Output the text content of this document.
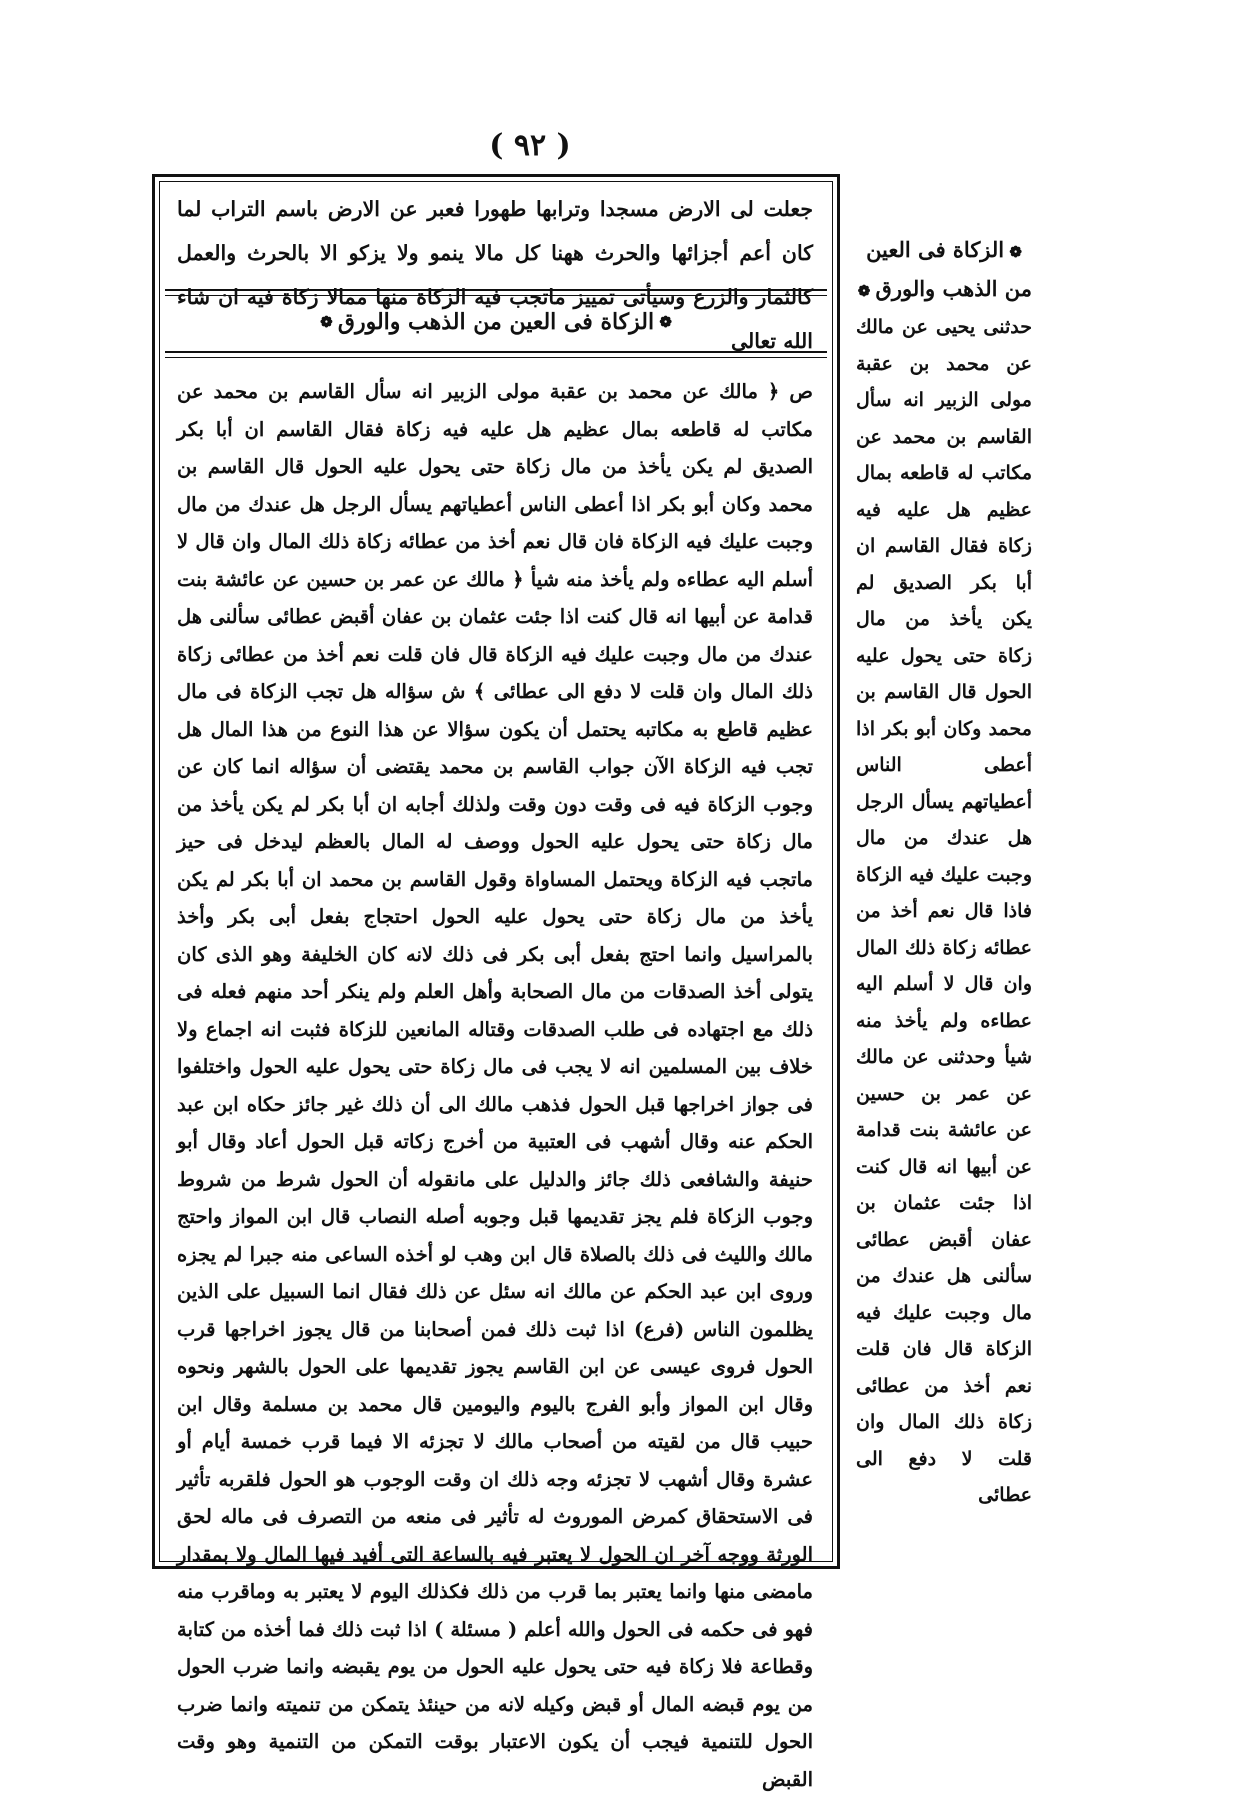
( ٩٢ )
جعلت لى الارض مسجدا وترابها طهورا فعبر عن الارض باسم التراب لما كان أعم أجزائها والحرث ههنا كل مالا ينمو ولا يزكو الا بالحرث والعمل كالثمار والزرع وسيأتى تمييز ماتجب فيه الزكاة منها ممالا زكاة فيه ان شاء الله تعالى
❁ الزكاة فى العين من الذهب والورق ❁
ص ﴿ مالك عن محمد بن عقبة مولى الزبير انه سأل القاسم بن محمد عن مكاتب له قاطعه بمال عظيم هل عليه فيه زكاة فقال القاسم ان أبا بكر الصديق لم يكن يأخذ من مال زكاة حتى يحول عليه الحول قال القاسم بن محمد وكان أبو بكر اذا أعطى الناس أعطياتهم يسأل الرجل هل عندك من مال وجبت عليك فيه الزكاة فان قال نعم أخذ من عطائه زكاة ذلك المال وان قال لا أسلم اليه عطاءه ولم يأخذ منه شيأ ﴿ مالك عن عمر بن حسين عن عائشة بنت قدامة عن أبيها انه قال كنت اذا جئت عثمان بن عفان أقبض عطائى سألنى هل عندك من مال وجبت عليك فيه الزكاة قال فان قلت نعم أخذ من عطائى زكاة ذلك المال وان قلت لا دفع الى عطائى ﴾ ش سؤاله هل تجب الزكاة فى مال عظيم قاطع به مكاتبه يحتمل أن يكون سؤالا عن هذا النوع من هذا المال هل تجب فيه الزكاة الآن جواب القاسم بن محمد يقتضى أن سؤاله انما كان عن وجوب الزكاة فيه فى وقت دون وقت ولذلك أجابه ان أبا بكر لم يكن يأخذ من مال زكاة حتى يحول عليه الحول ووصف له المال بالعظم ليدخل فى حيز ماتجب فيه الزكاة ويحتمل المساواة وقول القاسم بن محمد ان أبا بكر لم يكن يأخذ من مال زكاة حتى يحول عليه الحول احتجاج بفعل أبى بكر وأخذ بالمراسيل وانما احتج بفعل أبى بكر فى ذلك لانه كان الخليفة وهو الذى كان يتولى أخذ الصدقات من مال الصحابة وأهل العلم ولم ينكر أحد منهم فعله فى ذلك مع اجتهاده فى طلب الصدقات وقتاله المانعين للزكاة فثبت انه اجماع ولا خلاف بين المسلمين انه لا يجب فى مال زكاة حتى يحول عليه الحول واختلفوا فى جواز اخراجها قبل الحول فذهب مالك الى أن ذلك غير جائز حكاه ابن عبد الحكم عنه وقال أشهب فى العتبية من أخرج زكاته قبل الحول أعاد وقال أبو حنيفة والشافعى ذلك جائز والدليل على مانقوله أن الحول شرط من شروط وجوب الزكاة فلم يجز تقديمها قبل وجوبه أصله النصاب قال ابن المواز واحتج مالك والليث فى ذلك بالصلاة قال ابن وهب لو أخذه الساعى منه جبرا لم يجزه وروى ابن عبد الحكم عن مالك انه سئل عن ذلك فقال انما السبيل على الذين يظلمون الناس (فرع) اذا ثبت ذلك فمن أصحابنا من قال يجوز اخراجها قرب الحول فروى عيسى عن ابن القاسم يجوز تقديمها على الحول بالشهر ونحوه وقال ابن المواز وأبو الفرج باليوم واليومين قال محمد بن مسلمة وقال ابن حبيب قال من لقيته من أصحاب مالك لا تجزئه الا فيما قرب خمسة أيام أو عشرة وقال أشهب لا تجزئه وجه ذلك ان وقت الوجوب هو الحول فلقربه تأثير فى الاستحقاق كمرض الموروث له تأثير فى منعه من التصرف فى ماله لحق الورثة ووجه آخر ان الحول لا يعتبر فيه بالساعة التى أفيد فيها المال ولا بمقدار مامضى منها وانما يعتبر بما قرب من ذلك فكذلك اليوم لا يعتبر به وماقرب منه فهو فى حكمه فى الحول والله أعلم ( مسئلة ) اذا ثبت ذلك فما أخذه من كتابة وقطاعة فلا زكاة فيه حتى يحول عليه الحول من يوم يقبضه وانما ضرب الحول من يوم قبضه المال أو قبض وكيله لانه من حينئذ يتمكن من تنميته وانما ضرب الحول للتنمية فيجب أن يكون الاعتبار بوقت التمكن من التنمية وهو وقت القبض
❁ الزكاة فى العين من الذهب والورق ❁
حدثنى يحيى عن مالك عن محمد بن عقبة مولى الزبير انه سأل القاسم بن محمد عن مكاتب له قاطعه بمال عظيم هل عليه فيه زكاة فقال القاسم ان أبا بكر الصديق لم يكن يأخذ من مال زكاة حتى يحول عليه الحول قال القاسم بن محمد وكان أبو بكر اذا أعطى الناس أعطياتهم يسأل الرجل هل عندك من مال وجبت عليك فيه الزكاة فاذا قال نعم أخذ من عطائه زكاة ذلك المال وان قال لا أسلم اليه عطاءه ولم يأخذ منه شيأ وحدثنى عن مالك عن عمر بن حسين عن عائشة بنت قدامة عن أبيها انه قال كنت اذا جئت عثمان بن عفان أقبض عطائى سألنى هل عندك من مال وجبت عليك فيه الزكاة قال فان قلت نعم أخذ من عطائى زكاة ذلك المال وان قلت لا دفع الى عطائى
